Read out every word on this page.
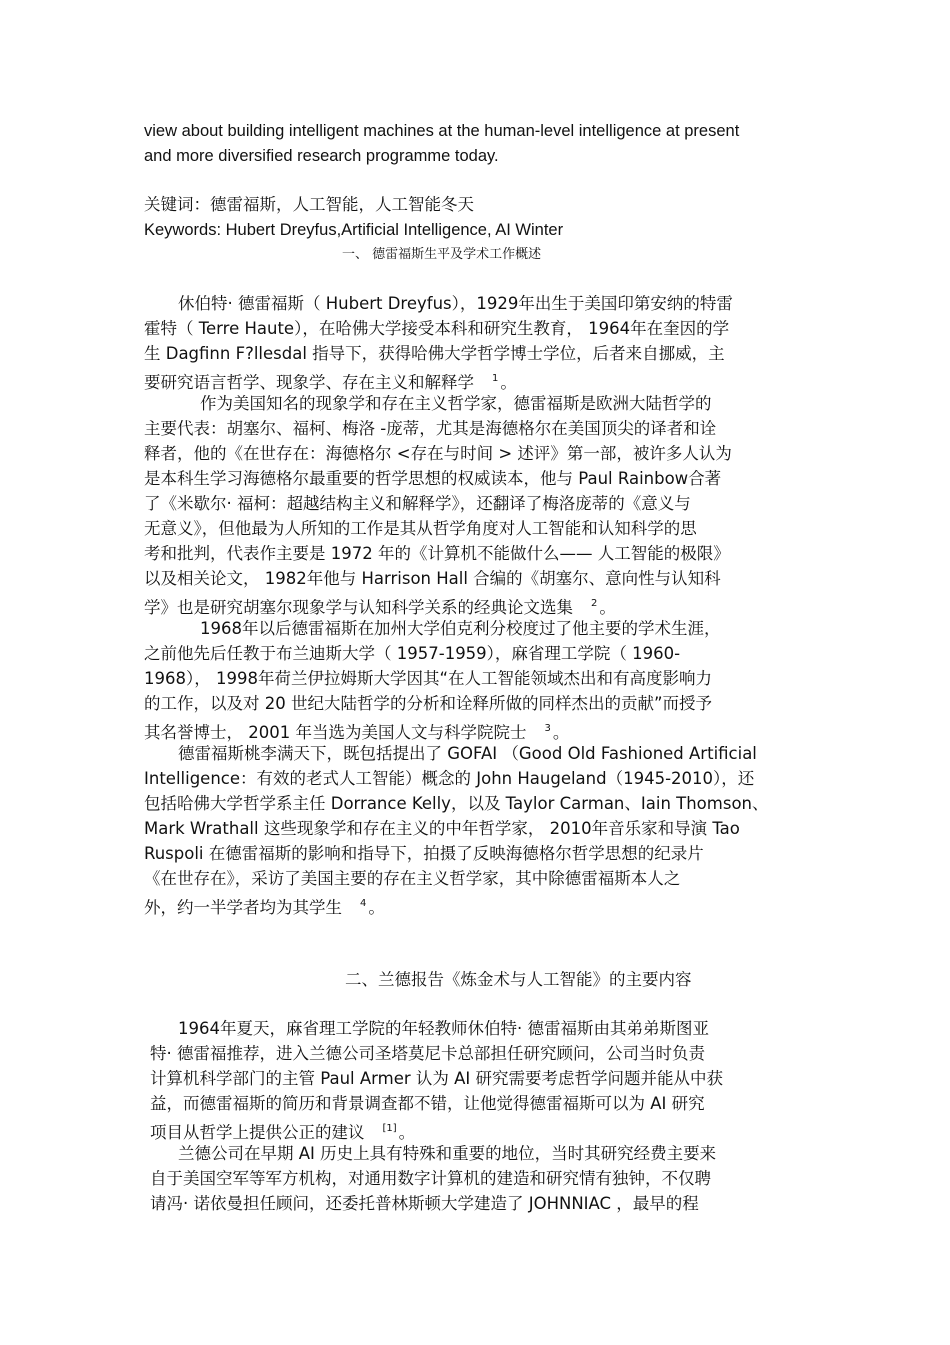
view about building intelligent machines at the human-level intelligence at present
and more diversified research programme today.
关键词：德雷福斯，人工智能，人工智能冬天
Keywords: Hubert Dreyfus,Artificial Intelligence, AI Winter
一、 德雷福斯生平及学术工作概述
休伯特· 德雷福斯（ Hubert Dreyfus），1929年出生于美国印第安纳的特雷
霍特（ Terre Haute），在哈佛大学接受本科和研究生教育， 1964年在奎因的学
生 Dagfinn F?llesdal 指导下，获得哈佛大学哲学博士学位，后者来自挪威，主
要研究语言哲学、现象学、存在主义和解释学 $^1$ 。
作为美国知名的现象学和存在主义哲学家，德雷福斯是欧洲大陆哲学的
主要代表：胡塞尔、福柯、梅洛 -庞蒂，尤其是海德格尔在美国顶尖的译者和诠
释者，他的《在世存在：海德格尔 <存在与时间 > 述评》第一部，被许多人认为
是本科生学习海德格尔最重要的哲学思想的权威读本，他与 Paul Rainbow合著
了《米歇尔· 福柯：超越结构主义和解释学》，还翻译了梅洛庞蒂的《意义与
无意义》，但他最为人所知的工作是其从哲学角度对人工智能和认知科学的思
考和批判，代表作主要是 1972 年的《计算机不能做什么—— 人工智能的极限》
以及相关论文， 1982年他与 Harrison Hall 合编的《胡塞尔、意向性与认知科
学》也是研究胡塞尔现象学与认知科学关系的经典论文选集 $^2$ 。
1968年以后德雷福斯在加州大学伯克利分校度过了他主要的学术生涯，
之前他先后任教于布兰迪斯大学（ 1957-1959），麻省理工学院（ 1960-
1968）， 1998年荷兰伊拉姆斯大学因其“在人工智能领域杰出和有高度影响力
的工作，以及对 20 世纪大陆哲学的分析和诠释所做的同样杰出的贡献”而授予
其名誉博士， 2001 年当选为美国人文与科学院院士 $^3$ 。
德雷福斯桃李满天下，既包括提出了 GOFAI （Good Old Fashioned Artificial
Intelligence：有效的老式人工智能）概念的 John Haugeland（1945-2010），还
包括哈佛大学哲学系主任 Dorrance Kelly，以及 Taylor Carman、Iain Thomson、
Mark Wrathall 这些现象学和存在主义的中年哲学家， 2010年音乐家和导演 Tao
Ruspoli 在德雷福斯的影响和指导下，拍摄了反映海德格尔哲学思想的纪录片
《在世存在》，采访了美国主要的存在主义哲学家，其中除德雷福斯本人之
外，约一半学者均为其学生 $^4$ 。
二、兰德报告《炼金术与人工智能》的主要内容
1964年夏天，麻省理工学院的年轻教师休伯特· 德雷福斯由其弟弟斯图亚
特· 德雷福推荐，进入兰德公司圣塔莫尼卡总部担任研究顾问，公司当时负责
计算机科学部门的主管 Paul Armer 认为 AI 研究需要考虑哲学问题并能从中获
益，而德雷福斯的简历和背景调查都不错，让他觉得德雷福斯可以为 AI 研究
项目从哲学上提供公正的建议 [1] 。
兰德公司在早期 AI 历史上具有特殊和重要的地位，当时其研究经费主要来
自于美国空军等军方机构，对通用数字计算机的建造和研究情有独钟，不仅聘
请冯· 诺依曼担任顾问，还委托普林斯顿大学建造了 JOHNNIAC ，最早的程
